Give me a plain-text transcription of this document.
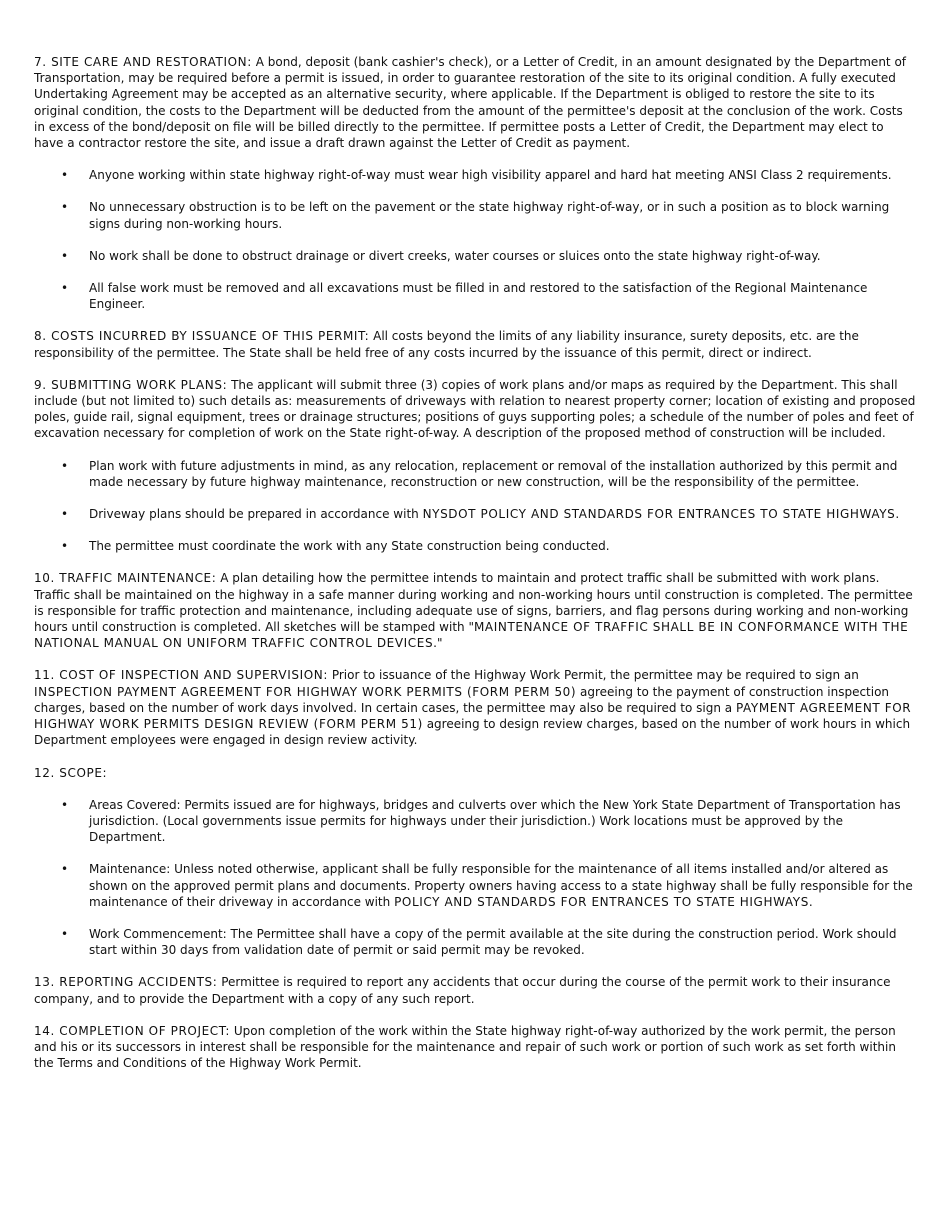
7. SITE CARE AND RESTORATION: A bond, deposit (bank cashier's check), or a Letter of Credit, in an amount designated by the Department of Transportation, may be required before a permit is issued, in order to guarantee restoration of the site to its original condition. A fully executed Undertaking Agreement may be accepted as an alternative security, where applicable. If the Department is obliged to restore the site to its original condition, the costs to the Department will be deducted from the amount of the permittee's deposit at the conclusion of the work. Costs in excess of the bond/deposit on file will be billed directly to the permittee. If permittee posts a Letter of Credit, the Department may elect to have a contractor restore the site, and issue a draft drawn against the Letter of Credit as payment.

• Anyone working within state highway right-of-way must wear high visibility apparel and hard hat meeting ANSI Class 2 requirements.
• No unnecessary obstruction is to be left on the pavement or the state highway right-of-way, or in such a position as to block warning signs during non-working hours.
• No work shall be done to obstruct drainage or divert creeks, water courses or sluices onto the state highway right-of-way.
• All false work must be removed and all excavations must be filled in and restored to the satisfaction of the Regional Maintenance Engineer.

8. COSTS INCURRED BY ISSUANCE OF THIS PERMIT: All costs beyond the limits of any liability insurance, surety deposits, etc. are the responsibility of the permittee. The State shall be held free of any costs incurred by the issuance of this permit, direct or indirect.

9. SUBMITTING WORK PLANS: The applicant will submit three (3) copies of work plans and/or maps as required by the Department. This shall include (but not limited to) such details as: measurements of driveways with relation to nearest property corner; location of existing and proposed poles, guide rail, signal equipment, trees or drainage structures; positions of guys supporting poles; a schedule of the number of poles and feet of excavation necessary for completion of work on the State right-of-way. A description of the proposed method of construction will be included.

• Plan work with future adjustments in mind, as any relocation, replacement or removal of the installation authorized by this permit and made necessary by future highway maintenance, reconstruction or new construction, will be the responsibility of the permittee.
• Driveway plans should be prepared in accordance with NYSDOT POLICY AND STANDARDS FOR ENTRANCES TO STATE HIGHWAYS.
• The permittee must coordinate the work with any State construction being conducted.

10. TRAFFIC MAINTENANCE: A plan detailing how the permittee intends to maintain and protect traffic shall be submitted with work plans. Traffic shall be maintained on the highway in a safe manner during working and non-working hours until construction is completed. The permittee is responsible for traffic protection and maintenance, including adequate use of signs, barriers, and flag persons during working and non-working hours until construction is completed. All sketches will be stamped with "MAINTENANCE OF TRAFFIC SHALL BE IN CONFORMANCE WITH THE NATIONAL MANUAL ON UNIFORM TRAFFIC CONTROL DEVICES."

11. COST OF INSPECTION AND SUPERVISION: Prior to issuance of the Highway Work Permit, the permittee may be required to sign an INSPECTION PAYMENT AGREEMENT FOR HIGHWAY WORK PERMITS (FORM PERM 50) agreeing to the payment of construction inspection charges, based on the number of work days involved. In certain cases, the permittee may also be required to sign a PAYMENT AGREEMENT FOR HIGHWAY WORK PERMITS DESIGN REVIEW (FORM PERM 51) agreeing to design review charges, based on the number of work hours in which Department employees were engaged in design review activity.

12. SCOPE:

• Areas Covered: Permits issued are for highways, bridges and culverts over which the New York State Department of Transportation has jurisdiction. (Local governments issue permits for highways under their jurisdiction.) Work locations must be approved by the Department.
• Maintenance: Unless noted otherwise, applicant shall be fully responsible for the maintenance of all items installed and/or altered as shown on the approved permit plans and documents. Property owners having access to a state highway shall be fully responsible for the maintenance of their driveway in accordance with POLICY AND STANDARDS FOR ENTRANCES TO STATE HIGHWAYS.
• Work Commencement: The Permittee shall have a copy of the permit available at the site during the construction period. Work should start within 30 days from validation date of permit or said permit may be revoked.

13. REPORTING ACCIDENTS: Permittee is required to report any accidents that occur during the course of the permit work to their insurance company, and to provide the Department with a copy of any such report.

14. COMPLETION OF PROJECT: Upon completion of the work within the State highway right-of-way authorized by the work permit, the person and his or its successors in interest shall be responsible for the maintenance and repair of such work or portion of such work as set forth within the Terms and Conditions of the Highway Work Permit.
